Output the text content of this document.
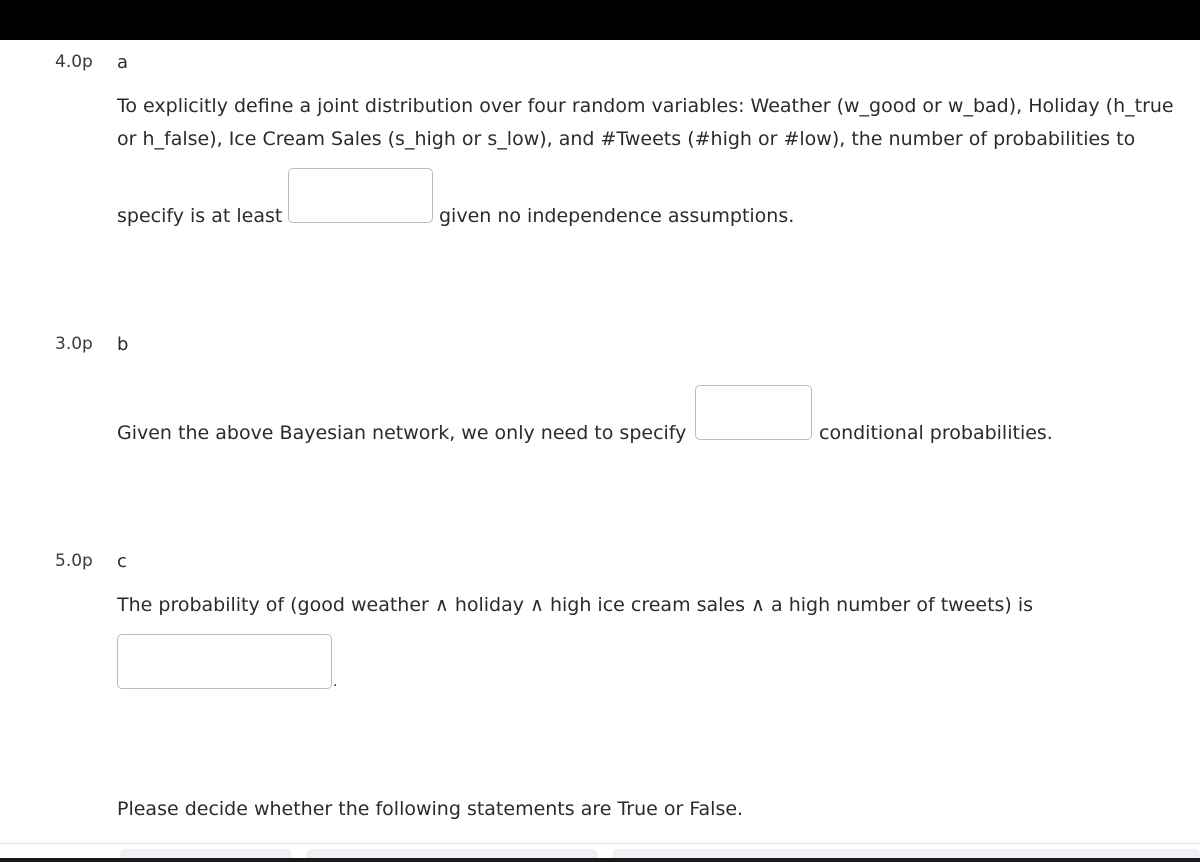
4.0p a
To explicitly define a joint distribution over four random variables: Weather (w_good or w_bad), Holiday (h_true
or h_false), Ice Cream Sales (s_high or s_low), and #Tweets (#high or #low), the number of probabilities to
specify is at least	given no independence assumptions.
3.0p b
Given the above Bayesian network, we only need to specify	conditional probabilities.
5.0p c
The probability of (good weather ∧ holiday ∧ high ice cream sales ∧ a high number of tweets) is
.
Please decide whether the following statements are True or False.
